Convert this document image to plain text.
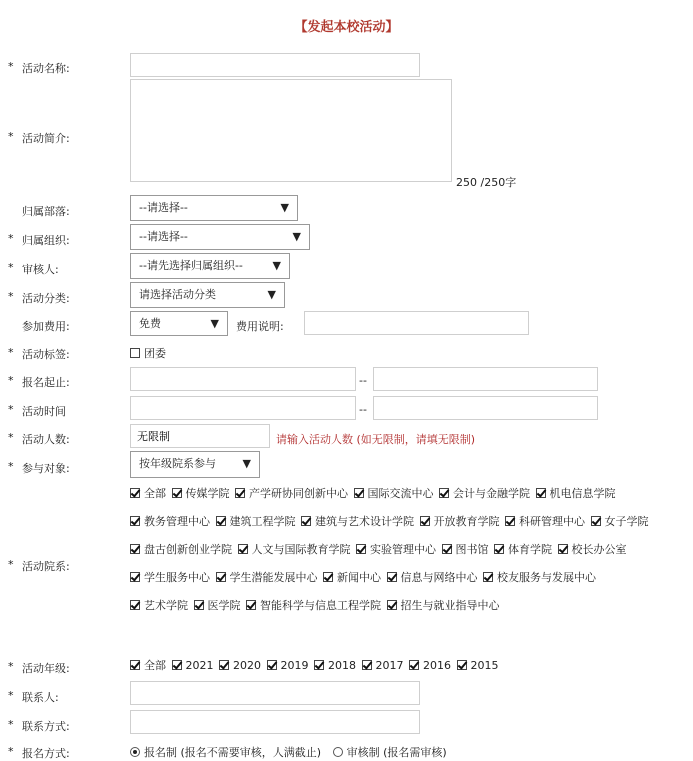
【发起本校活动】
* 活动名称:
* 活动简介:
250 /250字
归属部落:	--请选择--	▼
* 归属组织:	--请选择--	▼
* 审核人:	--请先选择归属组织--	▼
* 活动分类:	请选择活动分类	▼
参加费用:	免费	▼ 费用说明:
* 活动标签:	团委
* 报名起止:	--
* 活动时间	--
* 活动人数:
无限制	请输入活动人数 (如无限制，请填无限制)
* 参与对象:	按年级院系参与 ▼
* 活动院系:
全部 传媒学院 产学研协同创新中心 国际交流中心 会计与金融学院 机电信息学院 教务管理中心 建筑工程学院 建筑与艺术设计学院 开放教育学院 科研管理中心 女子学院 盘古创新创业学院 人文与国际教育学院 实验管理中心 图书馆 体育学院 校长办公室 学生服务中心 学生潜能发展中心 新闻中心 信息与网络中心 校友服务与发展中心 艺术学院 医学院 智能科学与信息工程学院 招生与就业指导中心
* 活动年级:	全部 2021 2020 2019 2018 2017 2016 2015
* 联系人:
* 联系方式:
* 报名方式:	报名制 (报名不需要审核，人满截止) 审核制 (报名需审核)
